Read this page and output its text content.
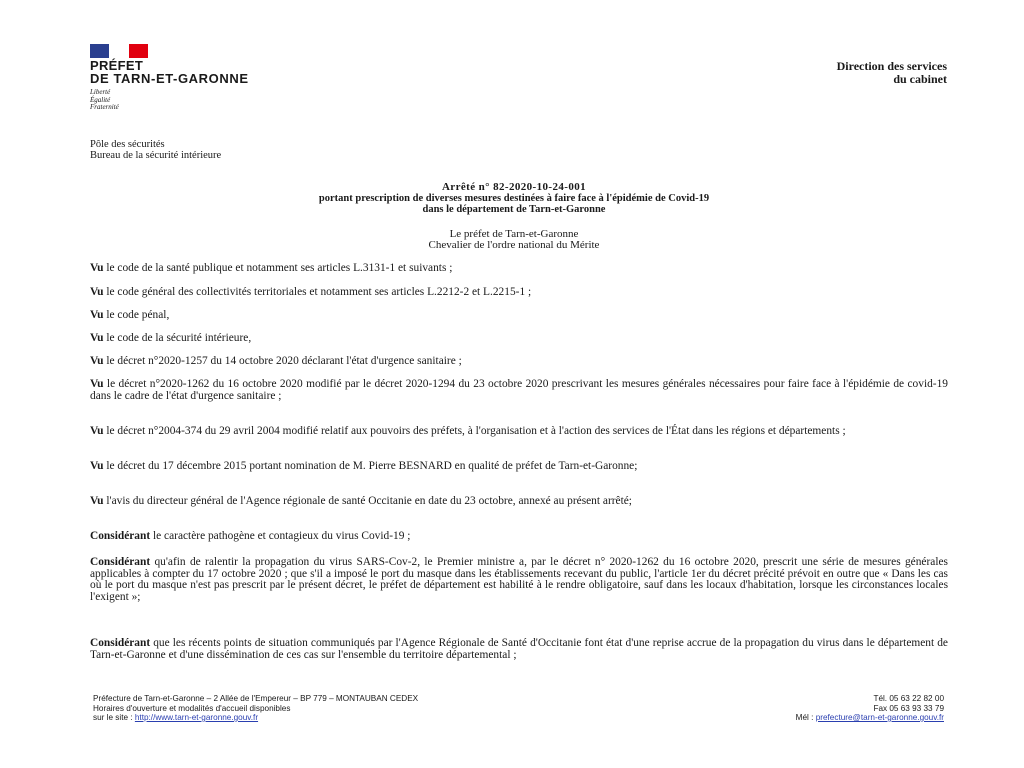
PRÉFET
DE TARN-ET-GARONNE
Liberté
Égalité
Fraternité
Direction des services
du cabinet
Pôle des sécurités
Bureau de la sécurité intérieure
Arrêté n° 82-2020-10-24-001
portant prescription de diverses mesures destinées à faire face à l'épidémie de Covid-19
dans le département de Tarn-et-Garonne
Le préfet de Tarn-et-Garonne
Chevalier de l'ordre national du Mérite
Vu le code de la santé publique et notamment ses articles L.3131-1 et suivants ;
Vu le code général des collectivités territoriales et notamment ses articles L.2212-2 et L.2215-1 ;
Vu le code pénal,
Vu le code de la sécurité intérieure,
Vu le décret n°2020-1257 du 14 octobre 2020 déclarant l'état d'urgence sanitaire ;
Vu le décret n°2020-1262 du 16 octobre 2020 modifié par le décret 2020-1294 du 23 octobre 2020 prescrivant les mesures générales nécessaires pour faire face à l'épidémie de covid-19 dans le cadre de l'état d'urgence sanitaire ;
Vu le décret n°2004-374 du 29 avril 2004 modifié relatif aux pouvoirs des préfets, à l'organisation et à l'action des services de l'État dans les régions et départements ;
Vu le décret du 17 décembre 2015 portant nomination de M. Pierre BESNARD en qualité de préfet de Tarn-et-Garonne;
Vu l'avis du directeur général de l'Agence régionale de santé Occitanie en date du 23 octobre, annexé au présent arrêté;
Considérant le caractère pathogène et contagieux du virus Covid-19 ;
Considérant qu'afin de ralentir la propagation du virus SARS-Cov-2, le Premier ministre a, par le décret n° 2020-1262 du 16 octobre 2020, prescrit une série de mesures générales applicables à compter du 17 octobre 2020 ; que s'il a imposé le port du masque dans les établissements recevant du public, l'article 1er du décret précité prévoit en outre que « Dans les cas où le port du masque n'est pas prescrit par le présent décret, le préfet de département est habilité à le rendre obligatoire, sauf dans les locaux d'habitation, lorsque les circonstances locales l'exigent »;
Considérant que les récents points de situation communiqués par l'Agence Régionale de Santé d'Occitanie font état d'une reprise accrue de la propagation du virus dans le département de Tarn-et-Garonne et d'une dissémination de ces cas sur l'ensemble du territoire départemental ;
Préfecture de Tarn-et-Garonne – 2 Allée de l'Empereur – BP 779 – MONTAUBAN CEDEX
Horaires d'ouverture et modalités d'accueil disponibles
sur le site : http://www.tarn-et-garonne.gouv.fr
Tél. 05 63 22 82 00
Fax 05 63 93 33 79
Mél : prefecture@tarn-et-garonne.gouv.fr
